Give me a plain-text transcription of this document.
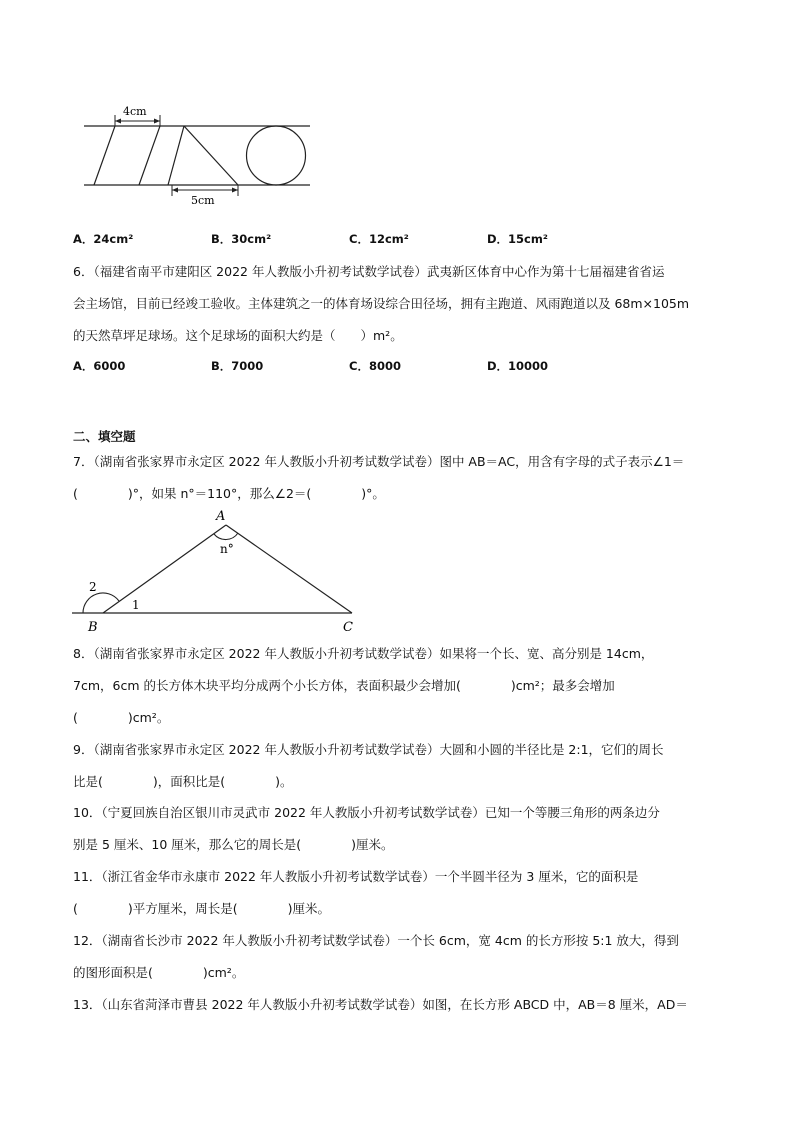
4cm
5cm
A．24cm²	B．30cm²	C．12cm²	D．15cm²
6．（福建省南平市建阳区 2022 年人教版小升初考试数学试卷）武夷新区体育中心作为第十七届福建省省运
会主场馆，目前已经竣工验收。主体建筑之一的体育场设综合田径场，拥有主跑道、风雨跑道以及 68m×105m
的天然草坪足球场。这个足球场的面积大约是（　　）m²。
A．6000	B．7000	C．8000	D．10000
二、填空题
7．（湖南省张家界市永定区 2022 年人教版小升初考试数学试卷）图中 AB＝AC，用含有字母的式子表示∠1＝
(　　　　)°，如果 n°＝110°，那么∠2＝(　　　　)°。
A
B	C
n°
1
2
8．（湖南省张家界市永定区 2022 年人教版小升初考试数学试卷）如果将一个长、宽、高分别是 14cm，
7cm，6cm 的长方体木块平均分成两个小长方体，表面积最少会增加(　　　　)cm²；最多会增加
(　　　　)cm²。
9．（湖南省张家界市永定区 2022 年人教版小升初考试数学试卷）大圆和小圆的半径比是 2:1，它们的周长
比是(　　　　)，面积比是(　　　　)。
10．（宁夏回族自治区银川市灵武市 2022 年人教版小升初考试数学试卷）已知一个等腰三角形的两条边分
别是 5 厘米、10 厘米，那么它的周长是(　　　　)厘米。
11．（浙江省金华市永康市 2022 年人教版小升初考试数学试卷）一个半圆半径为 3 厘米，它的面积是
(　　　　)平方厘米，周长是(　　　　)厘米。
12．（湖南省长沙市 2022 年人教版小升初考试数学试卷）一个长 6cm，宽 4cm 的长方形按 5:1 放大，得到
的图形面积是(　　　　)cm²。
13．（山东省菏泽市曹县 2022 年人教版小升初考试数学试卷）如图，在长方形 ABCD 中，AB＝8 厘米，AD＝
